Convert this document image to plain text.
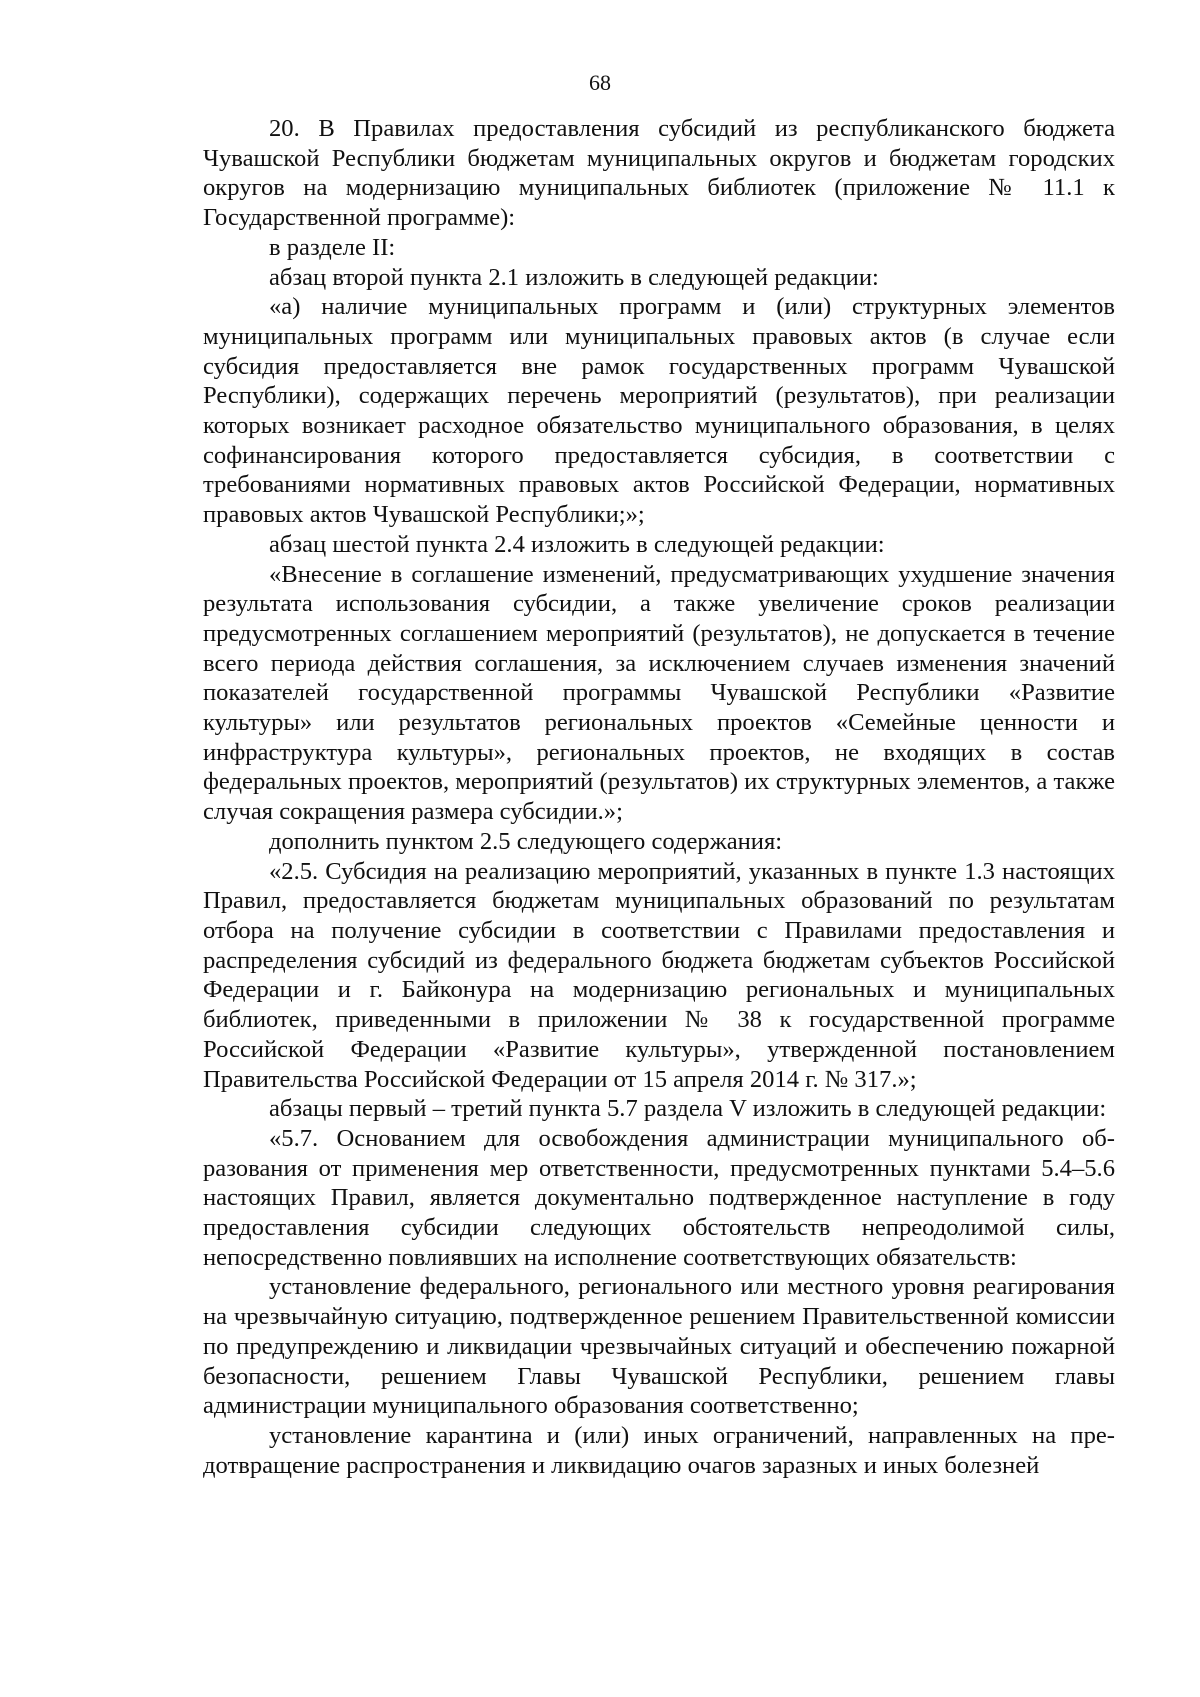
68

20. В Правилах предоставления субсидий из республиканского бюджета Чувашской Республики бюджетам муниципальных округов и бюджетам городских округов на модернизацию муниципальных библиотек (приложение № 11.1 к Государственной программе):

в разделе II:

абзац второй пункта 2.1 изложить в следующей редакции:

«а) наличие муниципальных программ и (или) структурных элементов муниципальных программ или муниципальных правовых актов (в случае если субсидия предоставляется вне рамок государственных программ Чувашской Республики), содержащих перечень мероприятий (результатов), при реализации которых возникает расходное обязательство муниципального образования, в целях софинансирования которого предоставляется субсидия, в соответствии с требованиями нормативных правовых актов Российской Федерации, нормативных правовых актов Чувашской Республики;»;

абзац шестой пункта 2.4 изложить в следующей редакции:

«Внесение в соглашение изменений, предусматривающих ухудшение значения результата использования субсидии, а также увеличение сроков реализации предусмотренных соглашением мероприятий (результатов), не допускается в течение всего периода действия соглашения, за исключением случаев изменения значений показателей государственной программы Чувашской Республики «Развитие культуры» или результатов региональных проектов «Семейные ценности и инфраструктура культуры», региональных проектов, не входящих в состав федеральных проектов, мероприятий (результатов) их структурных элементов, а также случая сокращения размера субсидии.»;

дополнить пунктом 2.5 следующего содержания:

«2.5. Субсидия на реализацию мероприятий, указанных в пункте 1.3 настоящих Правил, предоставляется бюджетам муниципальных образований по результатам отбора на получение субсидии в соответствии с Правилами предоставления и распределения субсидий из федерального бюджета бюджетам субъектов Российской Федерации и г. Байконура на модернизацию региональных и муниципальных библиотек, приведенными в приложении № 38 к государственной программе Российской Федерации «Развитие культуры», утвержденной постановлением Правительства Российской Федерации от 15 апреля 2014 г. № 317.»;

абзацы первый – третий пункта 5.7 раздела V изложить в следующей редакции:

«5.7. Основанием для освобождения администрации муниципального образования от применения мер ответственности, предусмотренных пунктами 5.4–5.6 настоящих Правил, является документально подтвержденное наступление в году предоставления субсидии следующих обстоятельств непреодолимой силы, непосредственно повлиявших на исполнение соответствующих обязательств:

установление федерального, регионального или местного уровня реагирования на чрезвычайную ситуацию, подтвержденное решением Правительственной комиссии по предупреждению и ликвидации чрезвычайных ситуаций и обеспечению пожарной безопасности, решением Главы Чувашской Республики, решением главы администрации муниципального образования соответственно;

установление карантина и (или) иных ограничений, направленных на предотвращение распространения и ликвидацию очагов заразных и иных болезней
